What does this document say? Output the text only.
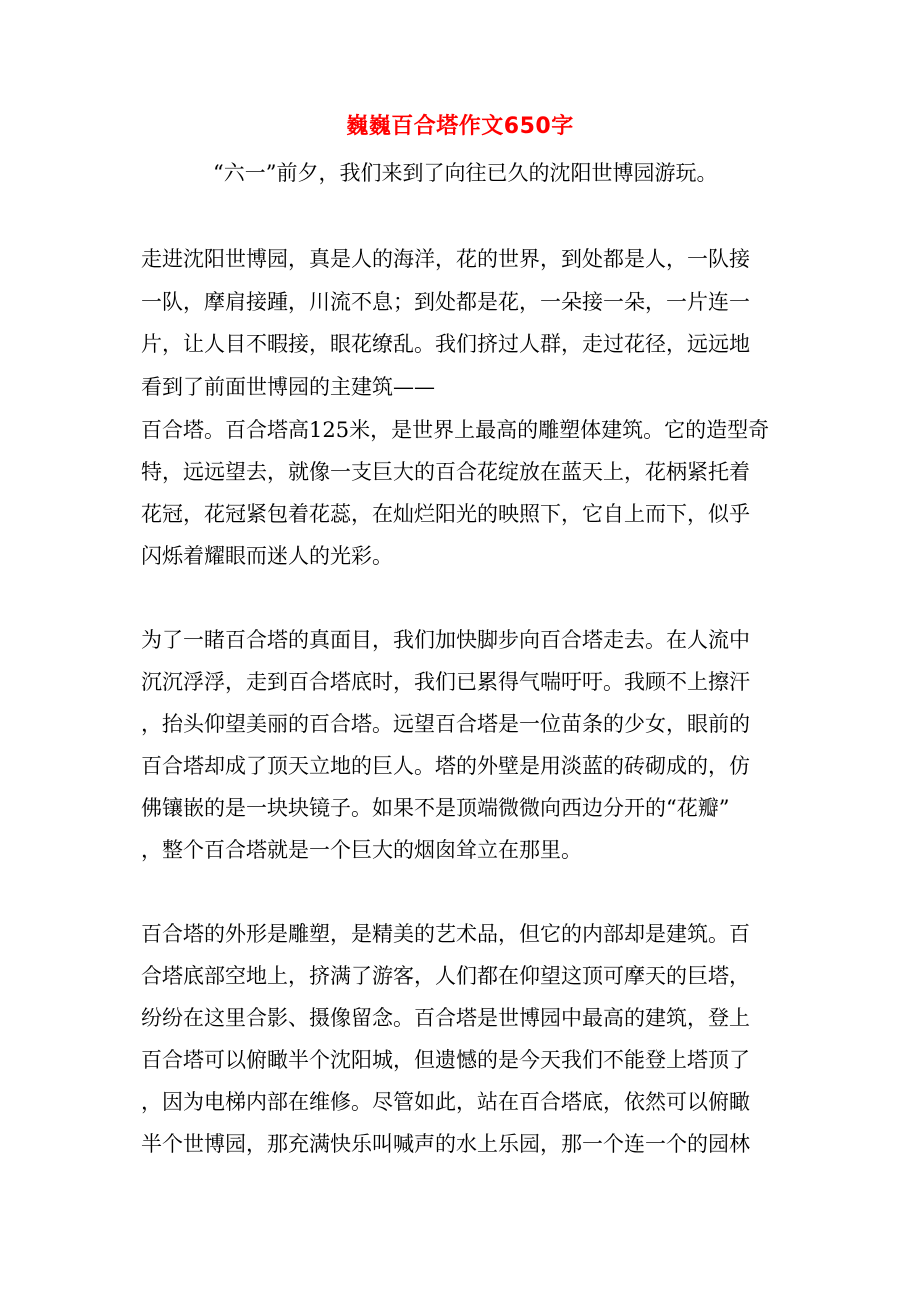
巍巍百合塔作文650字
“六一”前夕，我们来到了向往已久的沈阳世博园游玩。
走进沈阳世博园，真是人的海洋，花的世界，到处都是人，一队接
一队，摩肩接踵，川流不息；到处都是花，一朵接一朵，一片连一
片，让人目不暇接，眼花缭乱。我们挤过人群，走过花径，远远地
看到了前面世博园的主建筑——
百合塔。百合塔高125米，是世界上最高的雕塑体建筑。它的造型奇
特，远远望去，就像一支巨大的百合花绽放在蓝天上，花柄紧托着
花冠，花冠紧包着花蕊，在灿烂阳光的映照下，它自上而下，似乎
闪烁着耀眼而迷人的光彩。
为了一睹百合塔的真面目，我们加快脚步向百合塔走去。在人流中
沉沉浮浮，走到百合塔底时，我们已累得气喘吁吁。我顾不上擦汗
，抬头仰望美丽的百合塔。远望百合塔是一位苗条的少女，眼前的
百合塔却成了顶天立地的巨人。塔的外壁是用淡蓝的砖砌成的，仿
佛镶嵌的是一块块镜子。如果不是顶端微微向西边分开的“花瓣”
，整个百合塔就是一个巨大的烟囱耸立在那里。
百合塔的外形是雕塑，是精美的艺术品，但它的内部却是建筑。百
合塔底部空地上，挤满了游客，人们都在仰望这顶可摩天的巨塔，
纷纷在这里合影、摄像留念。百合塔是世博园中最高的建筑，登上
百合塔可以俯瞰半个沈阳城，但遗憾的是今天我们不能登上塔顶了
，因为电梯内部在维修。尽管如此，站在百合塔底，依然可以俯瞰
半个世博园，那充满快乐叫喊声的水上乐园，那一个连一个的园林
